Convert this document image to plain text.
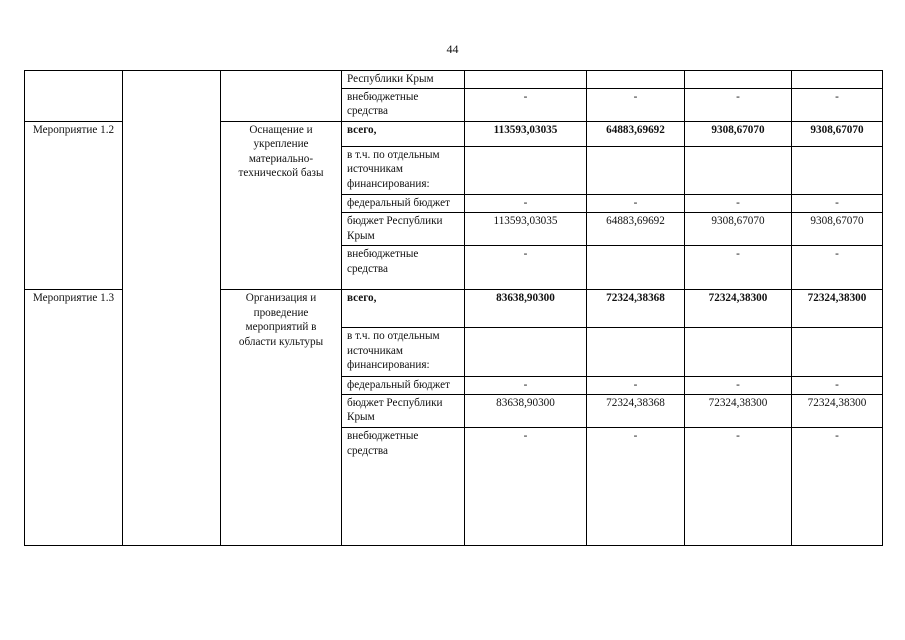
44
			Республики Крым				
			внебюджетные средства	-	-	-	-
Мероприятие 1.2		Оснащение и укрепление материально-технической базы	всего,	113593,03035	64883,69692	9308,67070	9308,67070
			в т.ч. по отдельным источникам финансирования:				
			федеральный бюджет	-	-	-	-
			бюджет Республики Крым	113593,03035	64883,69692	9308,67070	9308,67070
			внебюджетные средства	-		-	-
Мероприятие 1.3		Организация и проведение мероприятий в области культуры	всего,	83638,90300	72324,38368	72324,38300	72324,38300
			в т.ч. по отдельным источникам финансирования:				
			федеральный бюджет	-	-	-	-
			бюджет Республики Крым	83638,90300	72324,38368	72324,38300	72324,38300
			внебюджетные средства	-	-	-	-
